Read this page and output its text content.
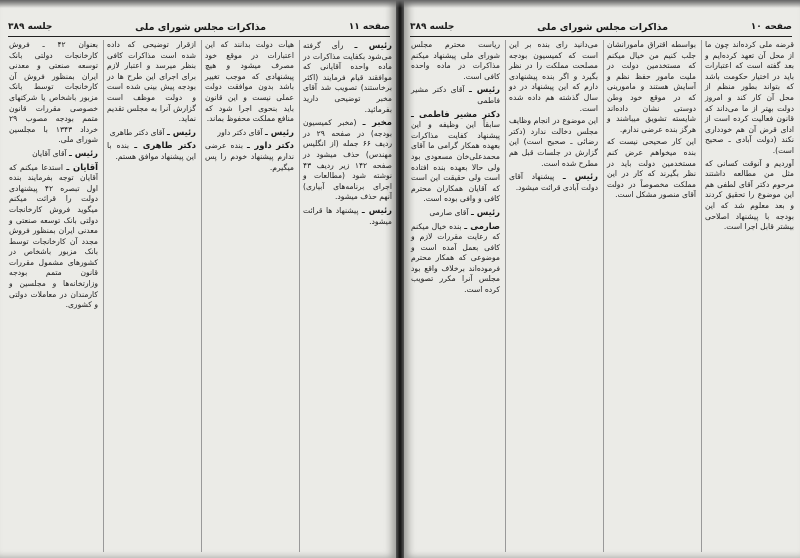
صفحه ۱۱
مذاکرات مجلس شورای ملی
جلسه ۳۸۹

رئیس ـ رأی گرفته می‌شود بکفایت مذاکرات در ماده واحده آقایانی که موافقند قیام فرمایند (اکثر برخاستند) تصویب شد آقای مخبر توضیحی دارید بفرمائید.

مخبر ـ (مخبر کمیسیون بودجه) در صفحه ۲۹ در ردیف ۶۶ جمله (از انگلیس مهندس) حذف میشود در صفحه ۱۴۲ زیر ردیف ۴۳ نوشته شود (مطالعات و اجرای برنامه‌های آبیاری) آنهم حذف میشود.

رئیس ـ پیشنهاد ها قرائت میشود.

هیأت دولت بدانند که این اعتبارات در موقع خود مصرف میشود و هیچ پیشنهادی که موجب تغییر باشد بدون موافقت دولت عملی نیست و این قانون باید بنحوی اجرا شود که منافع مملکت محفوظ بماند.

رئیس ـ آقای دکتر داور

دکتر داور ـ بنده عرضی ندارم پیشنهاد خودم را پس میگیرم.

ازقرار توضیحی که داده شده است مذاکرات کافی بنظر میرسد و اعتبار لازم برای اجرای این طرح ها در بودجه پیش بینی شده است و دولت موظف است گزارش آنرا به مجلس تقدیم نماید.

رئیس ـ آقای دکتر طاهری

دکتر طاهری ـ بنده با این پیشنهاد موافق هستم.

بعنوان ۴۲ ـ فروش کارخانجات دولتی بانک توسعه صنعتی و معدنی ایران بمنظور فروش آن کارخانجات توسط بانک مزبور باشخاص یا شرکتهای خصوصی مقررات قانون متمم بودجه مصوب ۲۹ خرداد ۱۳۴۳ با مجلسین شورای ملی.

رئیس ـ آقای آقایان

آقایان ـ استدعا میکنم که آقایان توجه بفرمایند بنده اول تبصره ۴۲ پیشنهادی دولت را قرائت میکنم میگوید فروش کارخانجات دولتی بانک توسعه صنعتی و معدنی ایران بمنظور فروش مجدد آن کارخانجات توسط بانک مزبور باشخاص در کشورهای مشمول مقررات قانون متمم بودجه وزارتخانه‌ها و مجلسین و کارمندان در معاملات دولتی و کشوری.

صفحه ۱۰
مذاکرات مجلس شورای ملی
جلسه ۳۸۹

قرضه ملی کرده‌اند چون ما از محل آن تعهد کرده‌ایم و بعد گفته است که اعتبارات باید در اختیار حکومت باشد که بتواند بطور منظم از محل آن کار کند و امروز دولت بهتر از ما می‌داند که قانون فعالیت کرده است از ادای قرض آن هم خودداری نکند (دولت آبادی ـ صحیح است).

آوردیم و آنوقت کسانی که مثل من مطالعه داشتند مرحوم دکتر آقای لطفی هم این موضوع را تحقیق کردند و بعد معلوم شد که این بودجه با پیشنهاد اصلاحی بیشتر قابل اجرا است.

بواسطه اقتراق مأمورانشان جلب کنیم من خیال میکنم که مستخدمین دولت در ملیت مامور حفظ نظم و آسایش هستند و مامورینی که در موقع خود وطن دوستی نشان داده‌اند شایسته تشویق میباشند و هرگز بنده عرضی ندارم.

این کار صحیحی نیست که بنده میخواهم عرض کنم مستخدمین دولت باید در نظر بگیرند که کار در این مملکت مخصوصاً در دولت آقای منصور مشکل است.

می‌دانید رای بنده بر این است که کمیسیون بودجه مصلحت مملکت را در نظر بگیرد و اگر بنده پیشنهادی دارم که این پیشنهاد در دو سال گذشته هم داده شده است.

این موضوع در انجام وظایف مجلس دخالت ندارد (دکتر رضائی ـ صحیح است) این گزارش در جلسات قبل هم مطرح شده است.

رئیس ـ پیشنهاد آقای دولت آبادی قرائت میشود.

ریاست محترم مجلس شورای ملی پیشنهاد میکنم مذاکرات در ماده واحده کافی است.

رئیس ـ آقای دکتر مشیر فاطمی

دکتر مشیر فاطمی ـ سابقاً این وظیفه و این پیشنهاد کفایت مذاکرات بعهده همکار گرامی ما آقای محمدعلی‌خان مسعودی بود ولی حالا بعهده بنده افتاده است ولی حقیقت این است که آقایان همکاران محترم کافی و وافی بوده است.

رئیس ـ آقای صارمی

صارمی ـ بنده خیال میکنم که رعایت مقررات لازم و کافی بعمل آمده است و موضوعی که همکار محترم فرموده‌اند برخلاف واقع بود مجلس آنرا مکرر تصویب کرده است.
